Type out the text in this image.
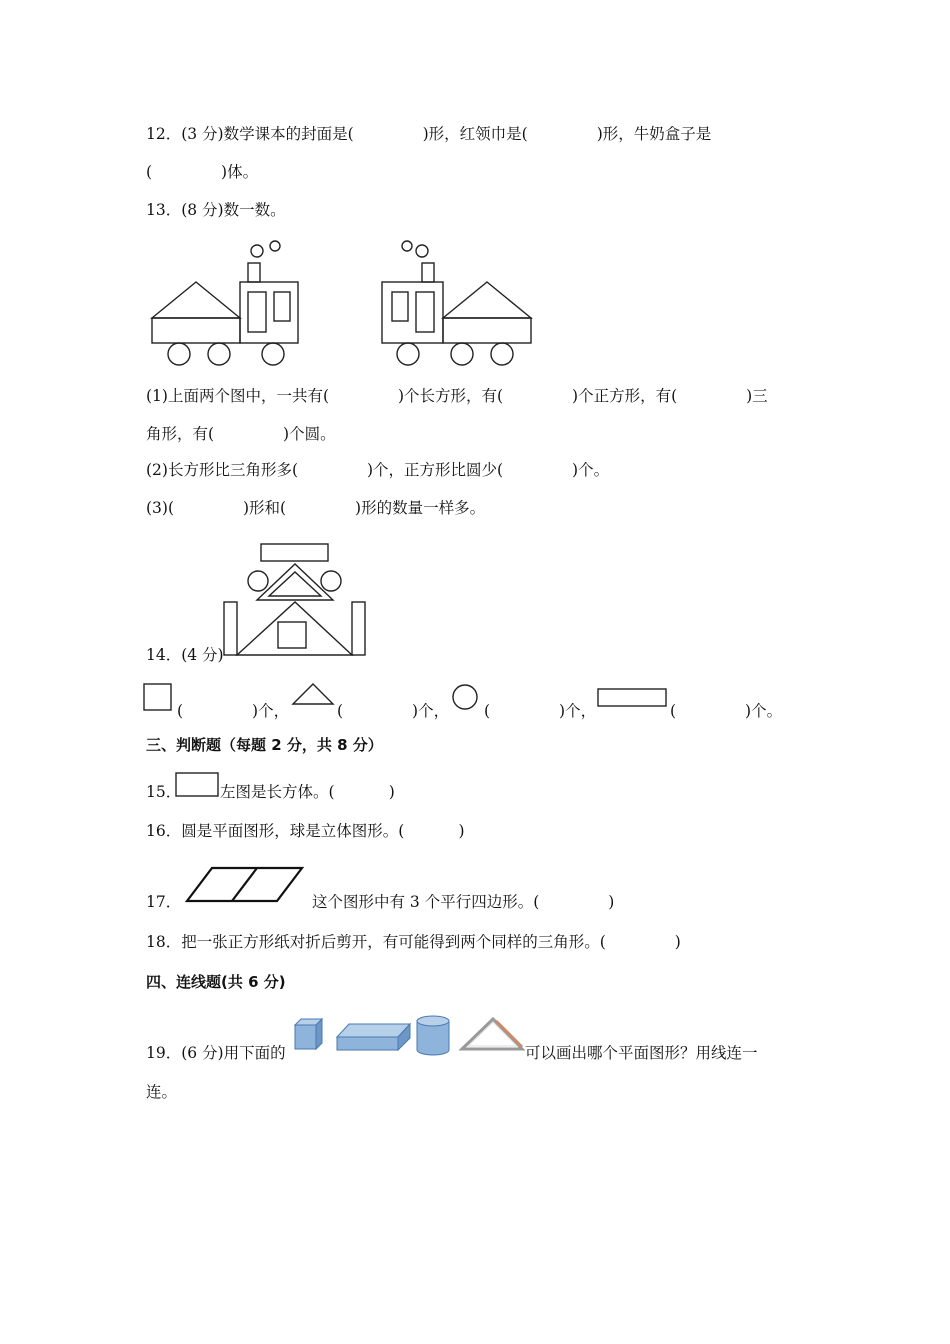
12．(3 分)数学课本的封面是(              )形，红领巾是(              )形，牛奶盒子是
(              )体。
13．(8 分)数一数。
(1)上面两个图中，一共有(              )个长方形，有(              )个正方形，有(              )三
角形，有(              )个圆。
(2)长方形比三角形多(              )个，正方形比圆少(              )个。
(3)(              )形和(              )形的数量一样多。
14．(4 分)
(              )个，	(              )个， (              )个，	(              )个。
三、判断题（每题 2 分，共 8 分）
15．	左图是长方体。(           )
16．圆是平面图形，球是立体图形。(           )
17．	这个图形中有 3 个平行四边形。(              )
18．把一张正方形纸对折后剪开，有可能得到两个同样的三角形。(              )
四、连线题(共 6 分)
19．(6 分)用下面的	可以画出哪个平面图形？用线连一
连。
